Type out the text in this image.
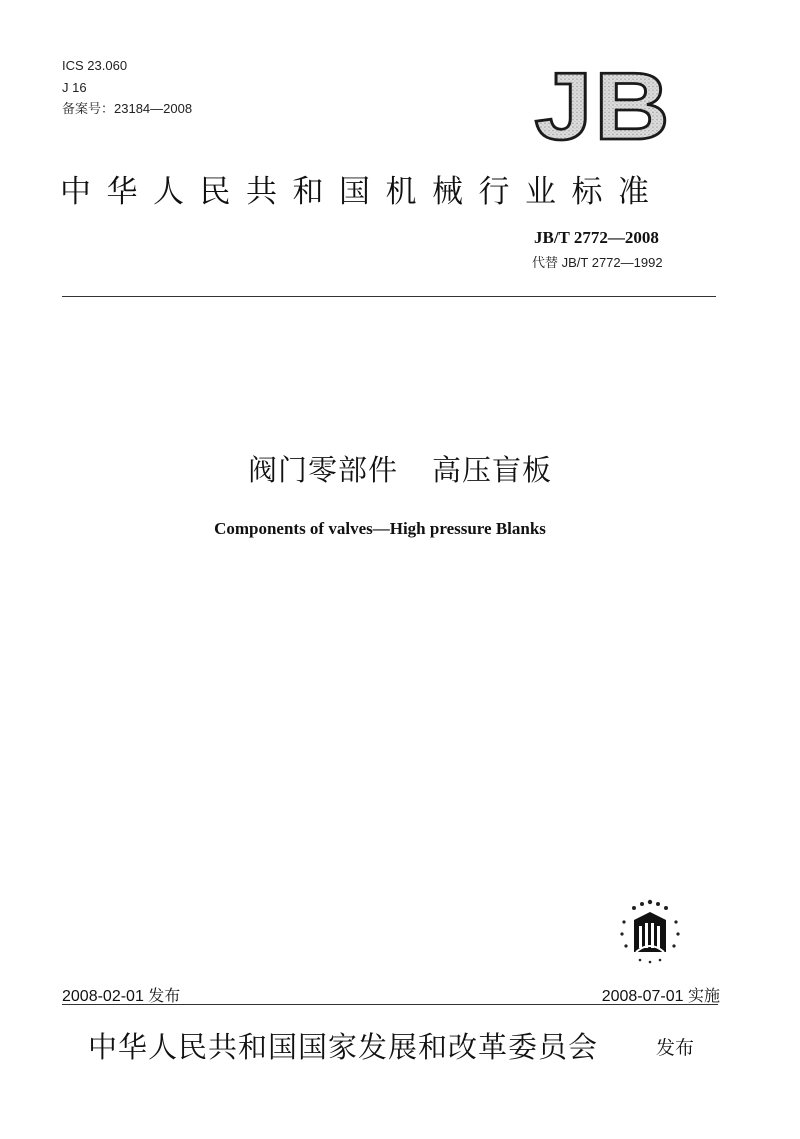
ICS 23.060
J 16
备案号：23184—2008	JB
中华人民共和国机械行业标准
JB/T 2772—2008
代替 JB/T 2772—1992
阀门零部件 高压盲板
Components of valves—High pressure Blanks
2008-02-01 发布	2008-07-01 实施
中华人民共和国国家发展和改革委员会	发布
